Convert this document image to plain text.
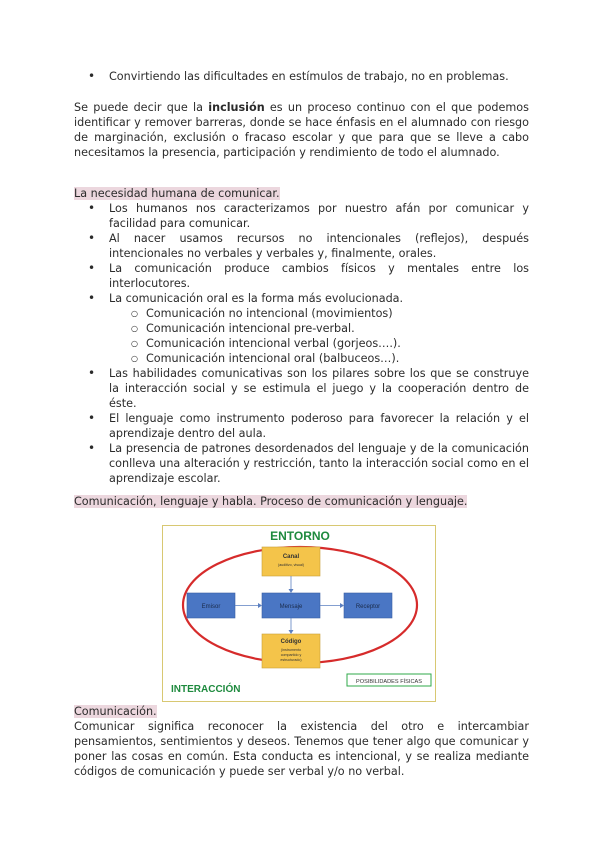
• Convirtiendo las dificultades en estímulos de trabajo, no en problemas.
Se puede decir que la inclusión es un proceso continuo con el que podemos identificar y remover barreras, donde se hace énfasis en el alumnado con riesgo de marginación, exclusión o fracaso escolar y que para que se lleve a cabo necesitamos la presencia, participación y rendimiento de todo el alumnado.
La necesidad humana de comunicar.
• Los humanos nos caracterizamos por nuestro afán por comunicar y facilidad para comunicar.
• Al nacer usamos recursos no intencionales (reflejos), después intencionales no verbales y verbales y, finalmente, orales.
• La comunicación produce cambios físicos y mentales entre los interlocutores.
• La comunicación oral es la forma más evolucionada.
○ Comunicación no intencional (movimientos)
○ Comunicación intencional pre-verbal.
○ Comunicación intencional verbal (gorjeos….).
○ Comunicación intencional oral (balbuceos…).
• Las habilidades comunicativas son los pilares sobre los que se construye la interacción social y se estimula el juego y la cooperación dentro de éste.
• El lenguaje como instrumento poderoso para favorecer la relación y el aprendizaje dentro del aula.
• La presencia de patrones desordenados del lenguaje y de la comunicación conlleva una alteración y restricción, tanto la interacción social como en el aprendizaje escolar.
Comunicación, lenguaje y habla. Proceso de comunicación y lenguaje.
ENTORNO
Canal
(auditivo, visual)
Emisor	Mensaje	Receptor
Código
(instrumento
compartido y
estructurado)
INTERACCIÓN
POSIBILIDADES FÍSICAS
Comunicación.
Comunicar significa reconocer la existencia del otro e intercambiar pensamientos, sentimientos y deseos. Tenemos que tener algo que comunicar y poner las cosas en común. Esta conducta es intencional, y se realiza mediante códigos de comunicación y puede ser verbal y/o no verbal.
